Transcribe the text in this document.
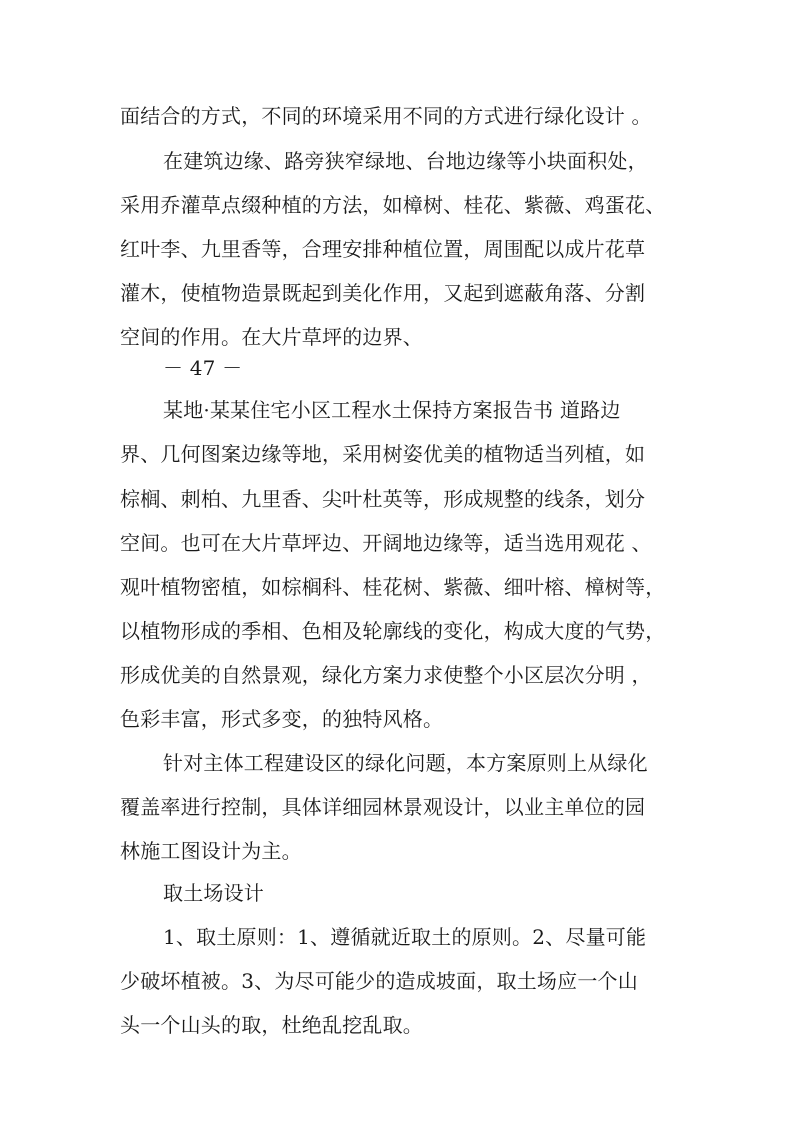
面结合的方式，不同的环境采用不同的方式进行绿化设计 。
在建筑边缘、路旁狭窄绿地、台地边缘等小块面积处，
采用乔灌草点缀种植的方法，如樟树、桂花、紫薇、鸡蛋花、
红叶李、九里香等，合理安排种植位置，周围配以成片花草
灌木，使植物造景既起到美化作用，又起到遮蔽角落、分割
空间的作用。在大片草坪的边界、
－ 47 －
某地·某某住宅小区工程水土保持方案报告书 道路边
界、几何图案边缘等地，采用树姿优美的植物适当列植，如
棕榈、刺柏、九里香、尖叶杜英等，形成规整的线条，划分
空间。也可在大片草坪边、开阔地边缘等，适当选用观花 、
观叶植物密植，如棕榈科、桂花树、紫薇、细叶榕、樟树等，
以植物形成的季相、色相及轮廓线的变化，构成大度的气势，
形成优美的自然景观，绿化方案力求使整个小区层次分明 ，
色彩丰富，形式多变，的独特风格。
针对主体工程建设区的绿化问题，本方案原则上从绿化
覆盖率进行控制，具体详细园林景观设计，以业主单位的园
林施工图设计为主。
取土场设计
1、取土原则：1、遵循就近取土的原则。2、尽量可能
少破坏植被。3、为尽可能少的造成坡面，取土场应一个山
头一个山头的取，杜绝乱挖乱取。
